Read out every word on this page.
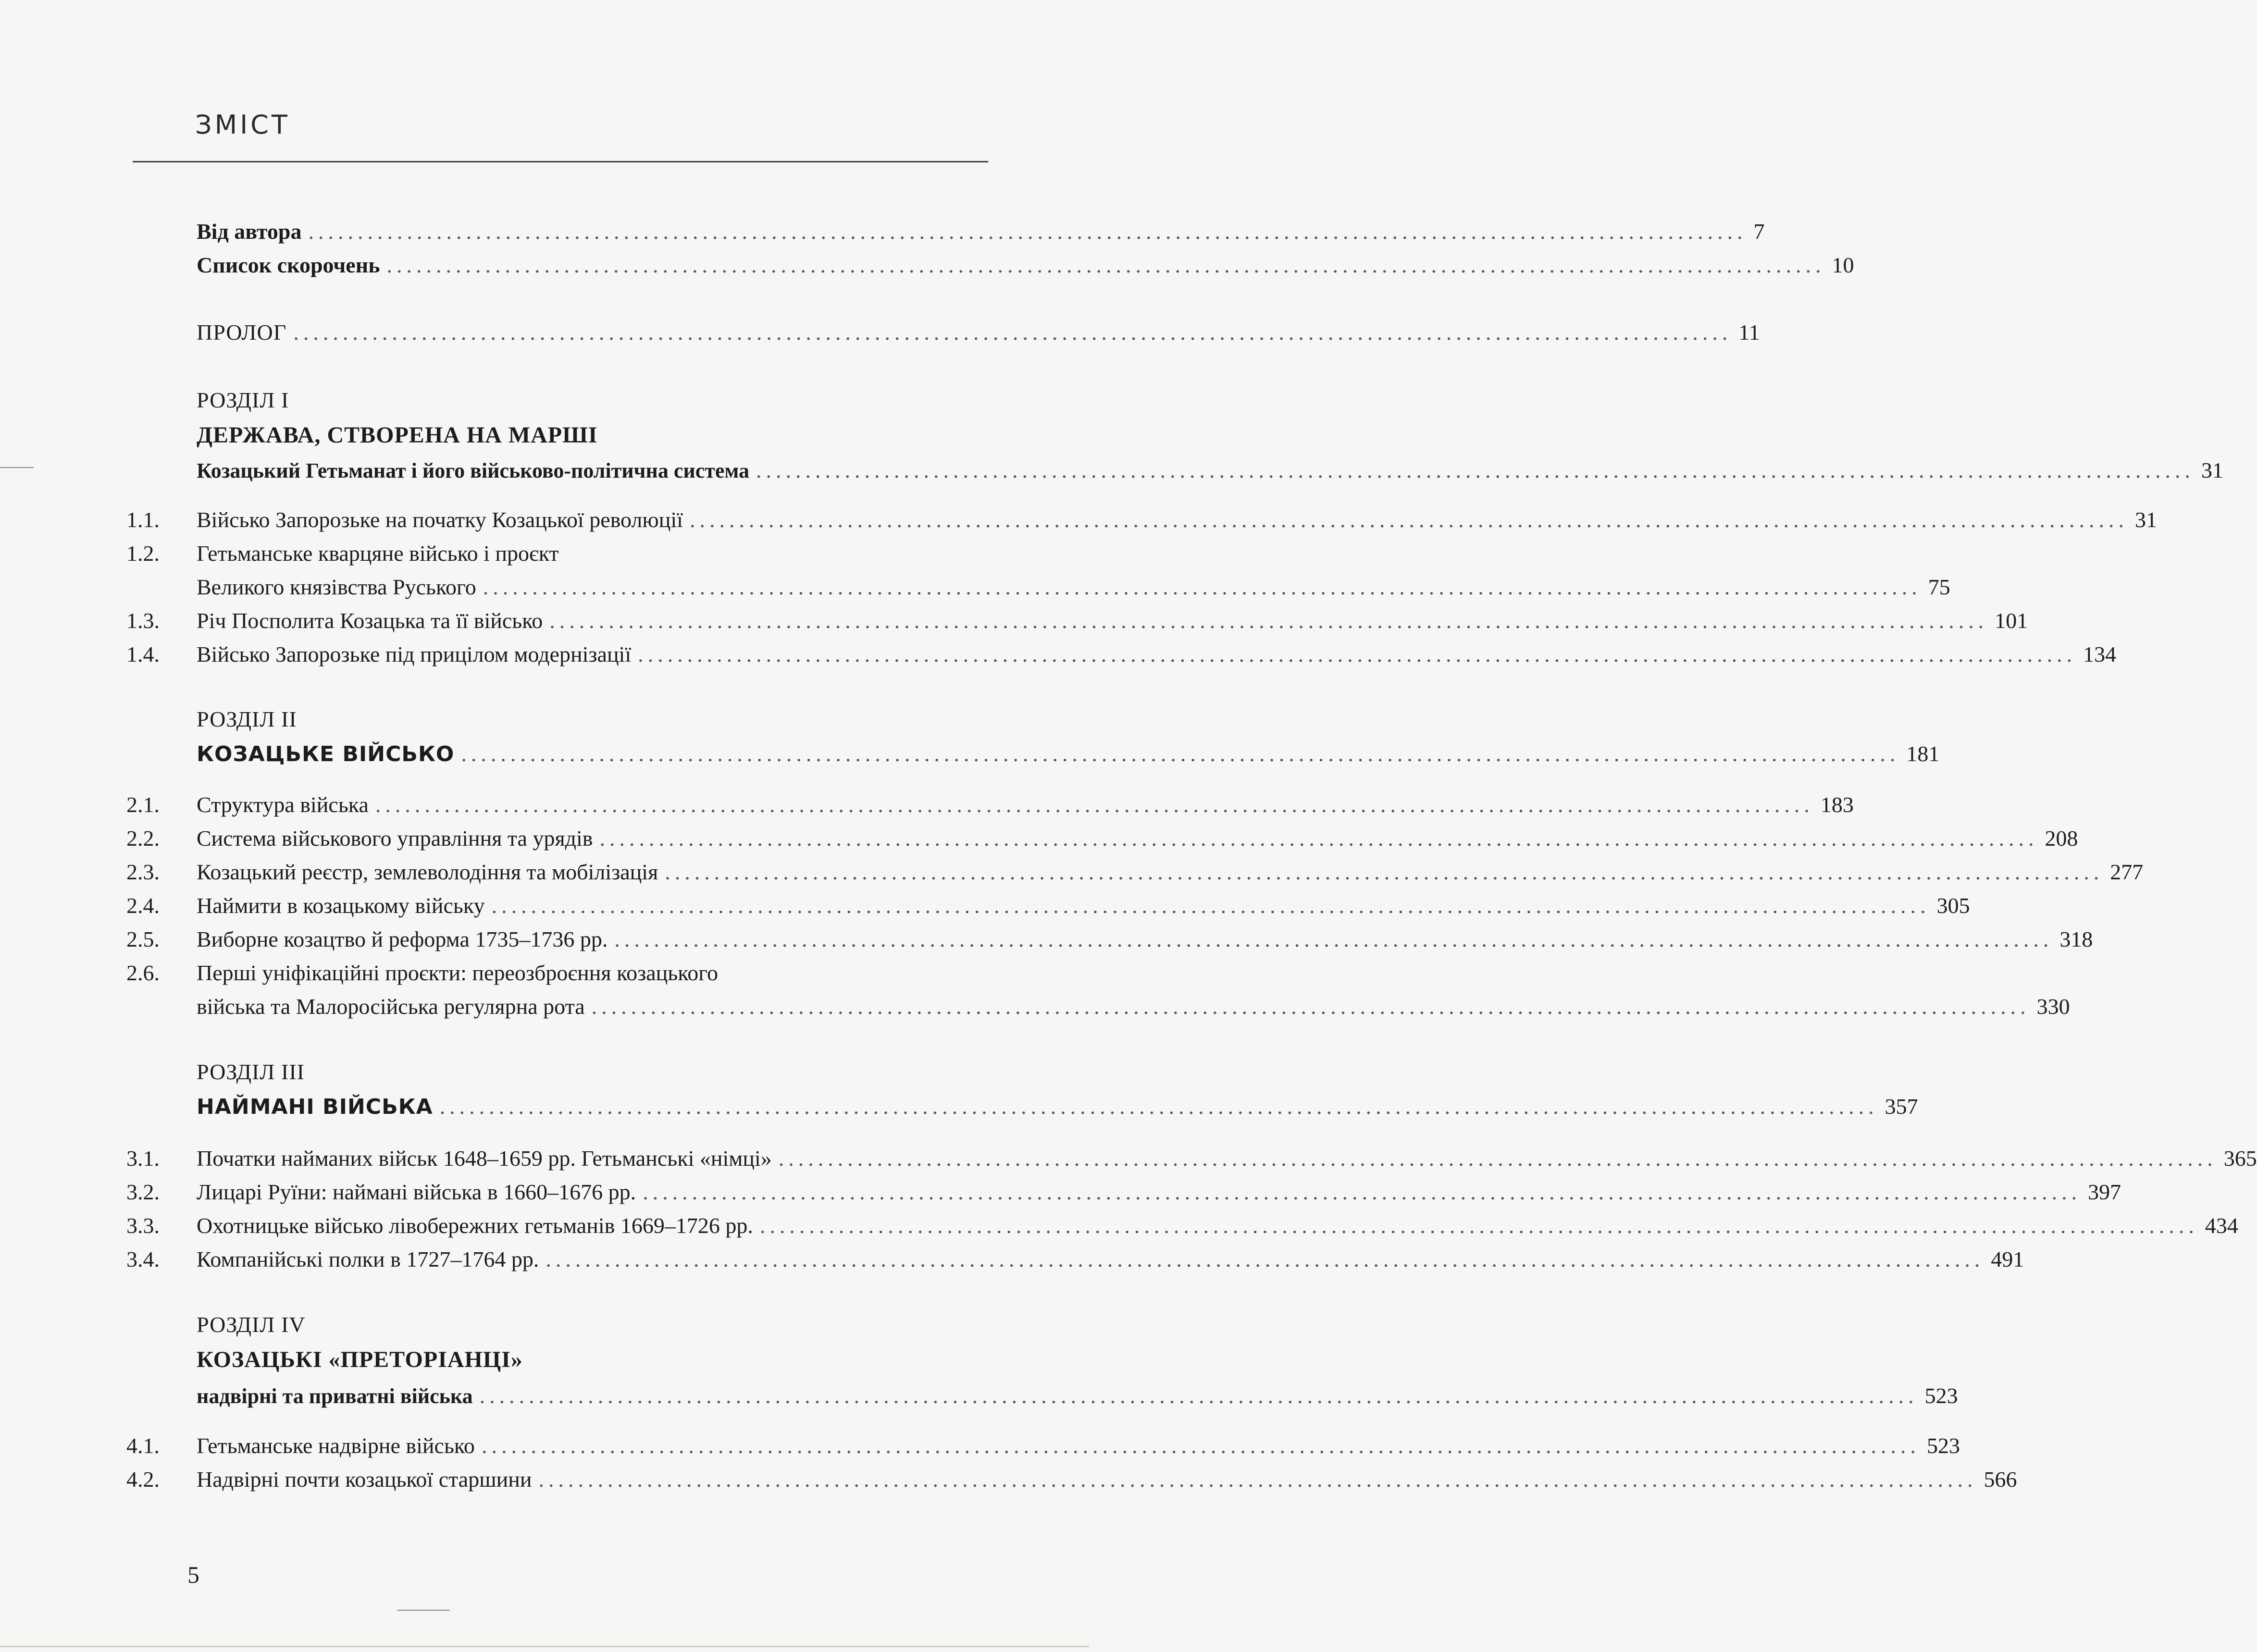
ЗМІСТ
Від автора .................................................................................................................................................. 7
Список скорочень .................................................................................................................................................. 10
ПРОЛОГ .................................................................................................................................................. 11
РОЗДІЛ І
ДЕРЖАВА, СТВОРЕНА НА МАРШІ
Козацький Гетьманат і його військово-політична система .................................................................................................................................................. 31
1.1. Військо Запорозьке на початку Козацької революції .................................................................................................................................................. 31
1.2. Гетьманське кварцяне військо і проєкт
Великого князівства Руського .................................................................................................................................................. 75
1.3. Річ Посполита Козацька та її військо .................................................................................................................................................. 101
1.4. Військо Запорозьке під прицілом модернізації .................................................................................................................................................. 134
РОЗДІЛ ІІ
КОЗАЦЬКЕ ВІЙСЬКО .................................................................................................................................................. 181
2.1. Структура війська .................................................................................................................................................. 183
2.2. Система військового управління та урядів .................................................................................................................................................. 208
2.3. Козацький реєстр, землеволодіння та мобілізація .................................................................................................................................................. 277
2.4. Наймити в козацькому війську .................................................................................................................................................. 305
2.5. Виборне козацтво й реформа 1735–1736 рр. .................................................................................................................................................. 318
2.6. Перші уніфікаційні проєкти: переозброєння козацького
війська та Малоросійська регулярна рота .................................................................................................................................................. 330
РОЗДІЛ ІІІ
НАЙМАНІ ВІЙСЬКА .................................................................................................................................................. 357
3.1. Початки найманих військ 1648–1659 рр. Гетьманські «німці» .................................................................................................................................................. 365
3.2. Лицарі Руїни: наймані війська в 1660–1676 рр. .................................................................................................................................................. 397
3.3. Охотницьке військо лівобережних гетьманів 1669–1726 рр. .................................................................................................................................................. 434
3.4. Компанійські полки в 1727–1764 рр. .................................................................................................................................................. 491
РОЗДІЛ IV
КОЗАЦЬКІ «ПРЕТОРІАНЦІ»
надвірні та приватні війська .................................................................................................................................................. 523
4.1. Гетьманське надвірне військо .................................................................................................................................................. 523
4.2. Надвірні почти козацької старшини .................................................................................................................................................. 566
5
